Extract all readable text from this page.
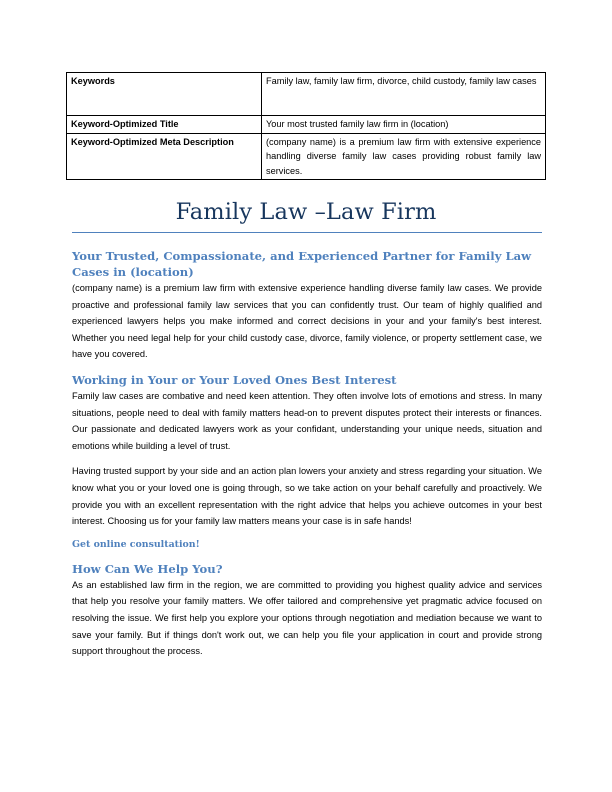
Keywords	Family law, family law firm, divorce, child custody, family law cases
Keyword-Optimized Title	Your most trusted family law firm in (location)
Keyword-Optimized Meta Description	(company name) is a premium law firm with extensive experience handling diverse family law cases providing robust family law services.
Family Law –Law Firm
Your Trusted, Compassionate, and Experienced Partner for Family Law Cases in (location)

(company name) is a premium law firm with extensive experience handling diverse family law cases. We provide proactive and professional family law services that you can confidently trust. Our team of highly qualified and experienced lawyers helps you make informed and correct decisions in your and your family's best interest. Whether you need legal help for your child custody case, divorce, family violence, or property settlement case, we have you covered.

Working in Your or Your Loved Ones Best Interest

Family law cases are combative and need keen attention. They often involve lots of emotions and stress. In many situations, people need to deal with family matters head-on to prevent disputes protect their interests or finances. Our passionate and dedicated lawyers work as your confidant, understanding your unique needs, situation and emotions while building a level of trust.

Having trusted support by your side and an action plan lowers your anxiety and stress regarding your situation. We know what you or your loved one is going through, so we take action on your behalf carefully and proactively. We provide you with an excellent representation with the right advice that helps you achieve outcomes in your best interest. Choosing us for your family law matters means your case is in safe hands!

Get online consultation!
How Can We Help You?

As an established law firm in the region, we are committed to providing you highest quality advice and services that help you resolve your family matters. We offer tailored and comprehensive yet pragmatic advice focused on resolving the issue. We first help you explore your options through negotiation and mediation because we want to save your family. But if things don't work out, we can help you file your application in court and provide strong support throughout the process.
